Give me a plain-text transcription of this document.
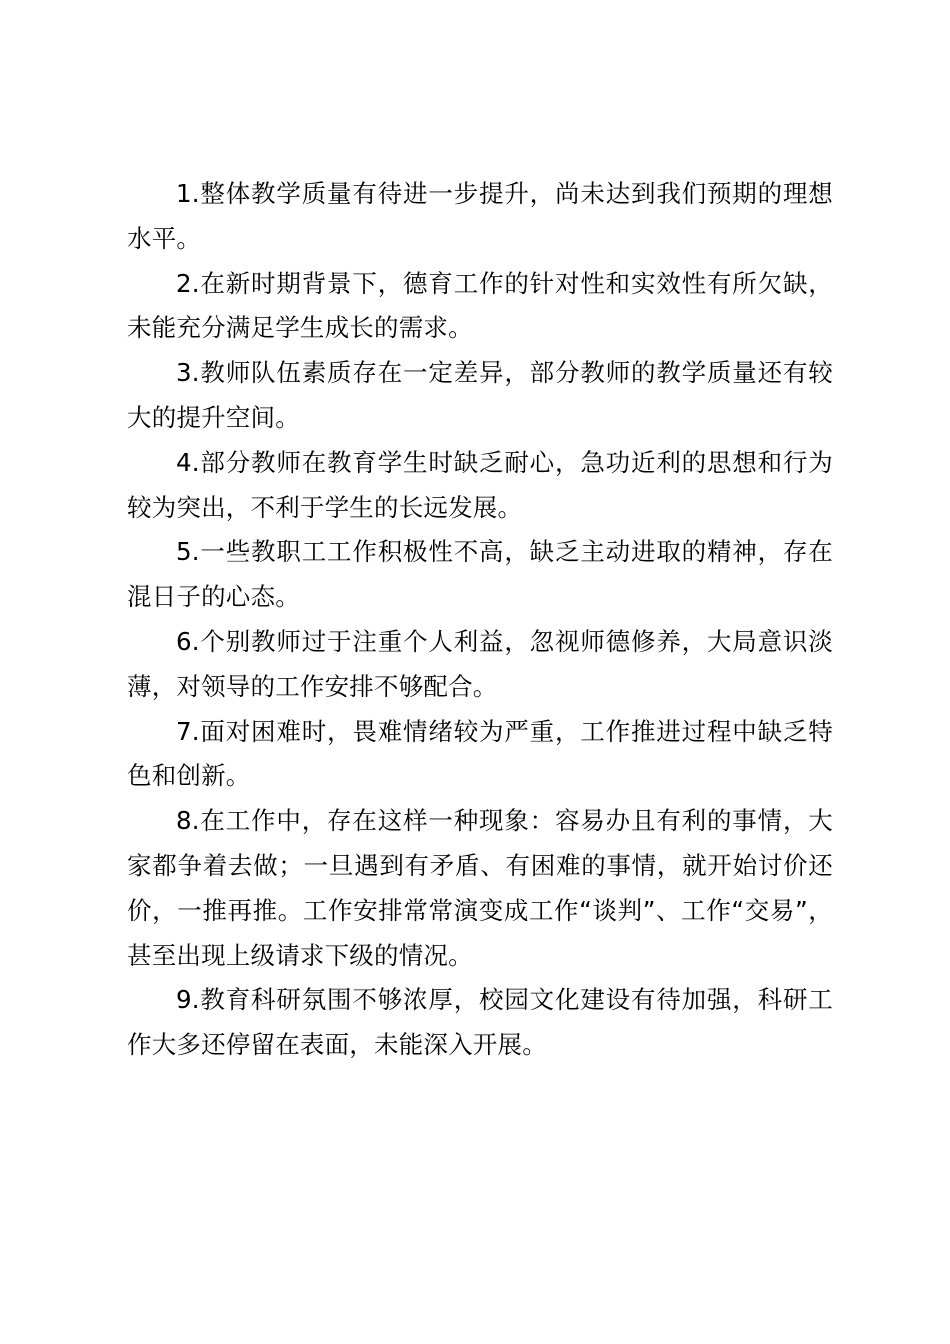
1.整体教学质量有待进一步提升，尚未达到我们预期的理想水平。

2.在新时期背景下，德育工作的针对性和实效性有所欠缺，未能充分满足学生成长的需求。

3.教师队伍素质存在一定差异，部分教师的教学质量还有较大的提升空间。

4.部分教师在教育学生时缺乏耐心，急功近利的思想和行为较为突出，不利于学生的长远发展。

5.一些教职工工作积极性不高，缺乏主动进取的精神，存在混日子的心态。

6.个别教师过于注重个人利益，忽视师德修养，大局意识淡薄，对领导的工作安排不够配合。

7.面对困难时，畏难情绪较为严重，工作推进过程中缺乏特色和创新。

8.在工作中，存在这样一种现象：容易办且有利的事情，大家都争着去做；一旦遇到有矛盾、有困难的事情，就开始讨价还价，一推再推。工作安排常常演变成工作“谈判”、工作“交易”，甚至出现上级请求下级的情况。

9.教育科研氛围不够浓厚，校园文化建设有待加强，科研工作大多还停留在表面，未能深入开展。
